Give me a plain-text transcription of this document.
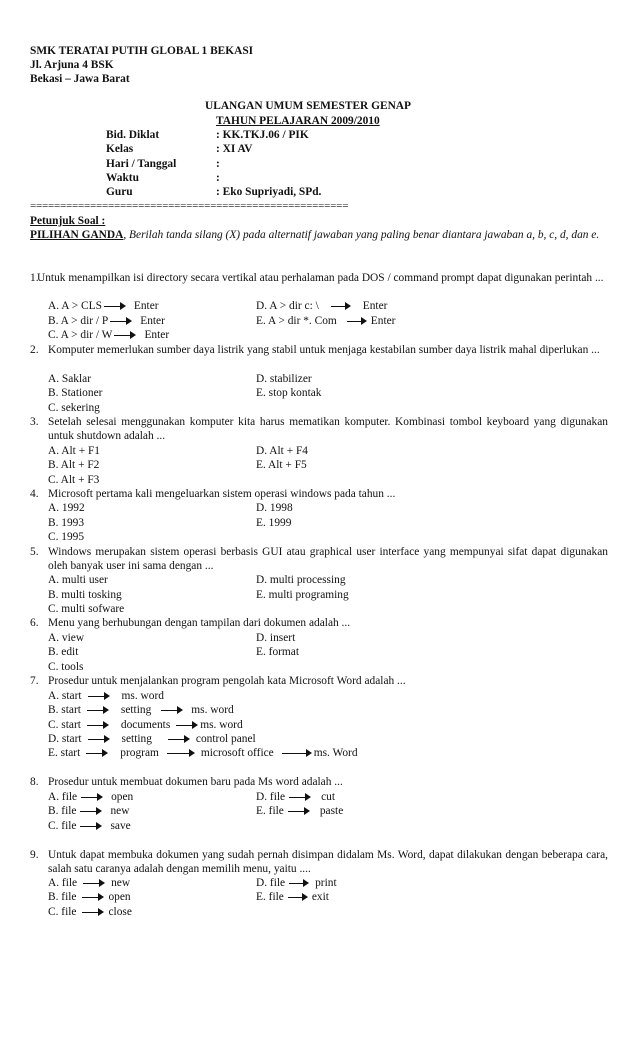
SMK TERATAI PUTIH GLOBAL 1 BEKASI
Jl. Arjuna 4 BSK
Bekasi – Jawa Barat
ULANGAN UMUM SEMESTER GENAP
TAHUN PELAJARAN 2009/2010
Bid. Diklat	: KK.TKJ.06 / PIK
Kelas	: XI AV
Hari / Tanggal	:
Waktu	:
Guru	: Eko Supriyadi, SPd.
=====================================================
Petunjuk Soal :
PILIHAN GANDA, Berilah tanda silang (X) pada alternatif jawaban yang paling benar diantara jawaban a, b, c, d, dan e.
1.
Untuk menampilkan isi directory secara vertikal atau perhalaman pada DOS / command prompt dapat digunakan perintah ...
A. A > CLS	Enter	D. A > dir c: \	Enter
B. A > dir / P	Enter	E. A > dir *. Com	Enter
C. A > dir / W	Enter
2. Komputer memerlukan sumber daya listrik yang stabil untuk menjaga kestabilan sumber daya listrik mahal diperlukan ...
A. Saklar	D. stabilizer
B. Stationer	E. stop kontak
C. sekering
3. Setelah selesai menggunakan komputer kita harus mematikan komputer. Kombinasi tombol keyboard yang digunakan untuk shutdown adalah ...
A. Alt + F1	D. Alt + F4
B. Alt + F2	E. Alt + F5
C. Alt + F3
4. Microsoft pertama kali mengeluarkan sistem operasi windows pada tahun ...
A. 1992	D. 1998
B. 1993	E. 1999
C. 1995
5. Windows merupakan sistem operasi berbasis GUI atau graphical user interface yang mempunyai sifat dapat digunakan oleh banyak user ini sama dengan ...
A. multi user	D. multi processing
B. multi tosking	E. multi programing
C. multi sofware
6. Menu yang berhubungan dengan tampilan dari dokumen adalah ...
A. view	D. insert
B. edit	E. format
C. tools
7. Prosedur untuk menjalankan program pengolah kata Microsoft Word adalah ...
A. start	ms. word
B. start	setting	ms. word
C. start	documents	ms. word
D. start	setting	control panel
E. start	program	microsoft office	ms. Word
8. Prosedur untuk membuat dokumen baru pada Ms word adalah ...
A. file	open	D. file	cut
B. file	new	E. file	paste
C. file	save
9. Untuk dapat membuka dokumen yang sudah pernah disimpan didalam Ms. Word, dapat dilakukan dengan beberapa cara, salah satu caranya adalah dengan memilih menu, yaitu ....
A. file	new	D. file	print
B. file	open	E. file exit
C. file	close
